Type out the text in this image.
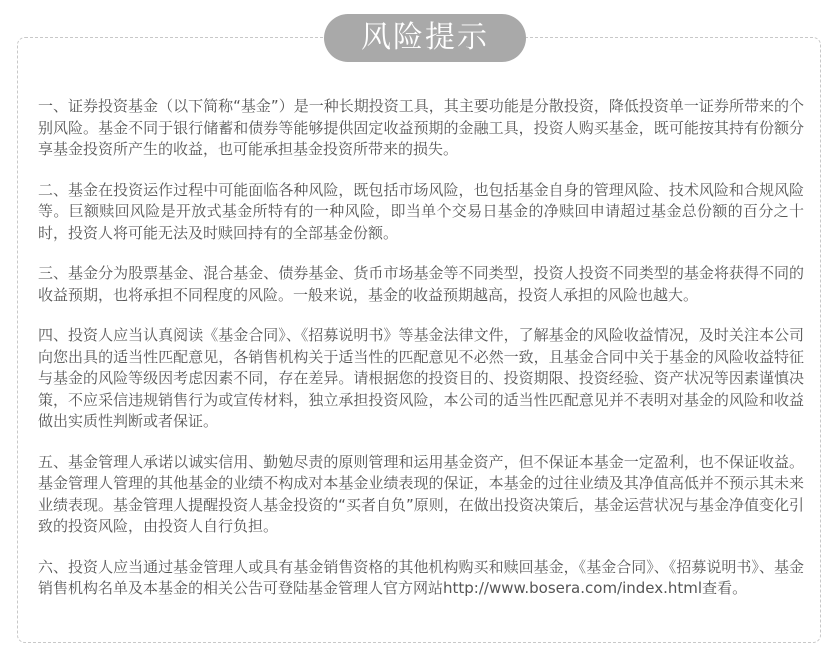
风险提示

一、证券投资基金（以下简称“基金”）是一种长期投资工具，其主要功能是分散投资，降低投资单一证券所带来的个别风险。基金不同于银行储蓄和债券等能够提供固定收益预期的金融工具，投资人购买基金，既可能按其持有份额分享基金投资所产生的收益，也可能承担基金投资所带来的损失。

二、基金在投资运作过程中可能面临各种风险，既包括市场风险，也包括基金自身的管理风险、技术风险和合规风险等。巨额赎回风险是开放式基金所特有的一种风险，即当单个交易日基金的净赎回申请超过基金总份额的百分之十时，投资人将可能无法及时赎回持有的全部基金份额。

三、基金分为股票基金、混合基金、债券基金、货币市场基金等不同类型，投资人投资不同类型的基金将获得不同的收益预期，也将承担不同程度的风险。一般来说，基金的收益预期越高，投资人承担的风险也越大。

四、投资人应当认真阅读《基金合同》、《招募说明书》等基金法律文件，了解基金的风险收益情况，及时关注本公司向您出具的适当性匹配意见，各销售机构关于适当性的匹配意见不必然一致，且基金合同中关于基金的风险收益特征与基金的风险等级因考虑因素不同，存在差异。请根据您的投资目的、投资期限、投资经验、资产状况等因素谨慎决策，不应采信违规销售行为或宣传材料，独立承担投资风险，本公司的适当性匹配意见并不表明对基金的风险和收益做出实质性判断或者保证。

五、基金管理人承诺以诚实信用、勤勉尽责的原则管理和运用基金资产，但不保证本基金一定盈利，也不保证收益。基金管理人管理的其他基金的业绩不构成对本基金业绩表现的保证，本基金的过往业绩及其净值高低并不预示其未来业绩表现。基金管理人提醒投资人基金投资的“买者自负”原则，在做出投资决策后，基金运营状况与基金净值变化引致的投资风险，由投资人自行负担。

六、投资人应当通过基金管理人或具有基金销售资格的其他机构购买和赎回基金，《基金合同》、《招募说明书》、基金销售机构名单及本基金的相关公告可登陆基金管理人官方网站http://www.bosera.com/index.html查看。
